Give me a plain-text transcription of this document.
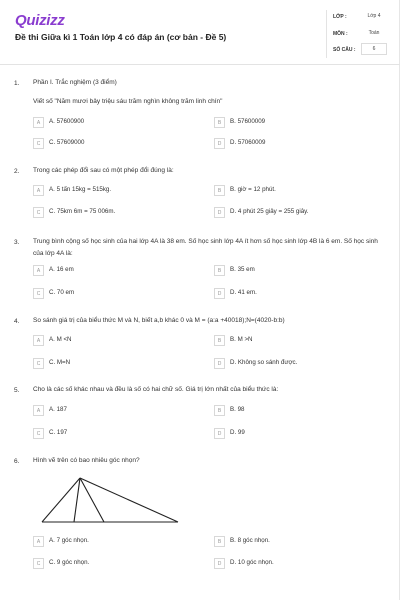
Quizizz
Đề thi Giữa kì 1 Toán lớp 4 có đáp án (cơ bản - Đề 5)
LỚP :	Lớp 4
MÔN :	Toán
SỐ CÂU :	6
1. Phần I. Trắc nghiệm (3 điểm)
Viết số "Năm mươi bảy triệu sáu trăm nghìn không trăm linh chín"
A	A. 57600900	B	B. 57600009
C	C. 57609000	D	D. 57060009
2. Trong các phép đổi sau có một phép đổi đúng là:
A	A. 5 tấn 15kg = 515kg.	B	B. giờ = 12 phút.
C	C. 75km 6m = 75 006m.	D	D. 4 phút 25 giây = 255 giây.
3. Trung bình cộng số học sinh của hai lớp 4A là 38 em. Số học sinh lớp 4A ít hơn số học sinh lớp 4B là 6 em. Số học sinh của lớp 4A là:
A	A. 16 em	B	B. 35 em
C	C. 70 em	D	D. 41 em.
4. So sánh giá trị của biểu thức M và N, biết a,b khác 0 và M = (a:a +40018);N=(4020-b:b)
A	A. M <N	B	B. M >N
C	C. M=N	D	D. Không so sánh được.
5. Cho là các số khác nhau và đều là số có hai chữ số. Giá trị lớn nhất của biểu thức là:
A	A. 187	B	B. 98
C	C. 197	D	D. 99
6. Hình vẽ trên có bao nhiêu góc nhọn?
A	A. 7 góc nhọn.	B	B. 8 góc nhọn.
C	C. 9 góc nhọn.	D	D. 10 góc nhọn.
